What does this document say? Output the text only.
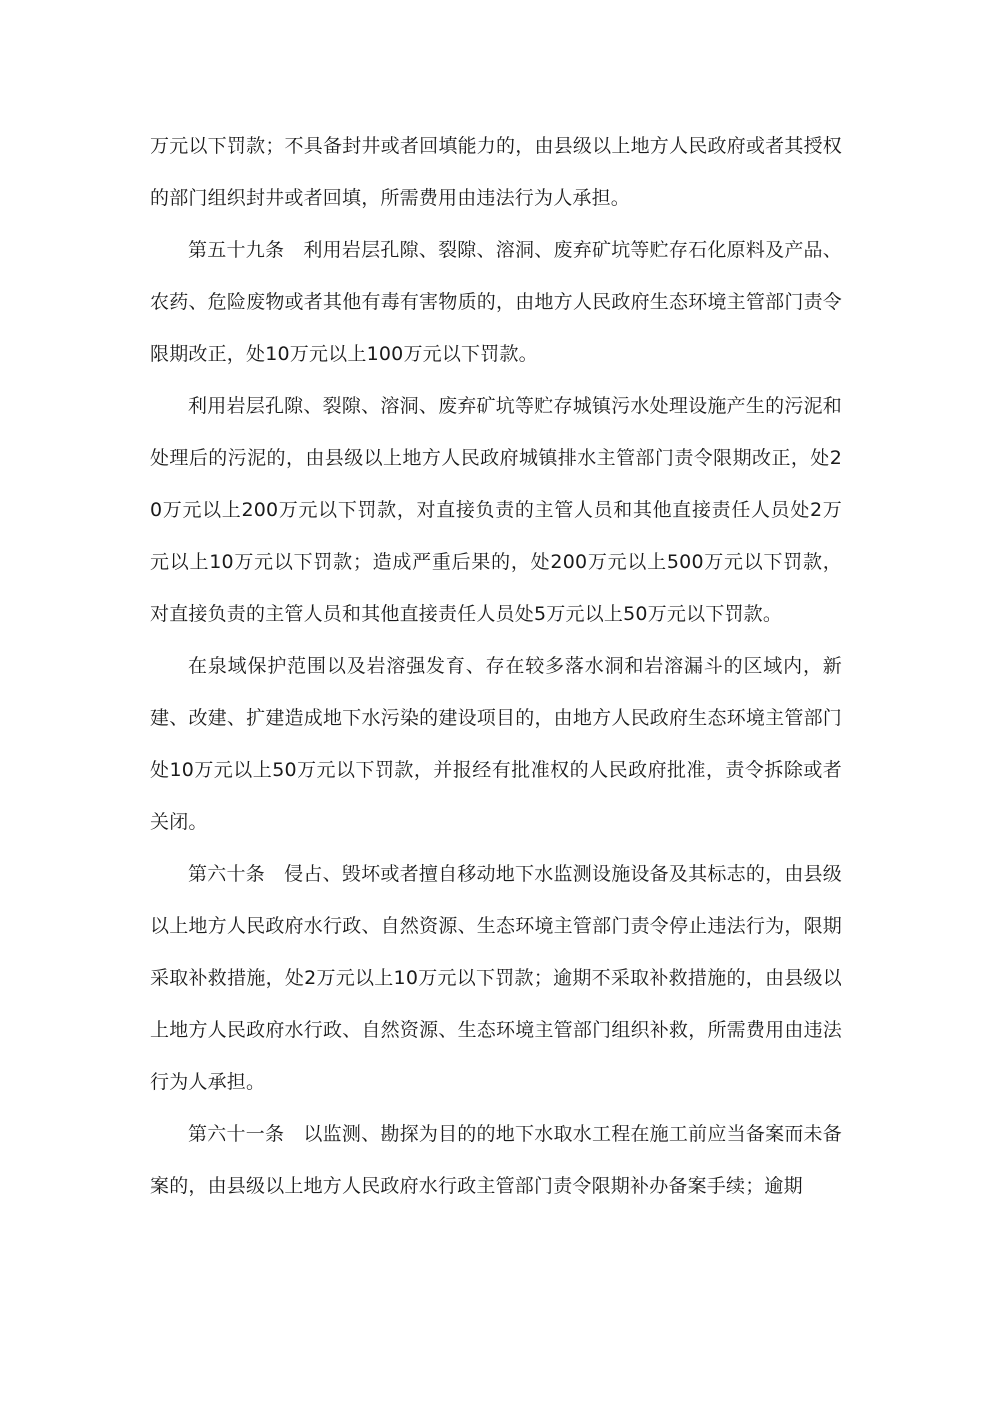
万元以下罚款；不具备封井或者回填能力的，由县级以上地方人民政府或者其授权的部门组织封井或者回填，所需费用由违法行为人承担。

第五十九条　利用岩层孔隙、裂隙、溶洞、废弃矿坑等贮存石化原料及产品、农药、危险废物或者其他有毒有害物质的，由地方人民政府生态环境主管部门责令限期改正，处10万元以上100万元以下罚款。

利用岩层孔隙、裂隙、溶洞、废弃矿坑等贮存城镇污水处理设施产生的污泥和处理后的污泥的，由县级以上地方人民政府城镇排水主管部门责令限期改正，处20万元以上200万元以下罚款，对直接负责的主管人员和其他直接责任人员处2万元以上10万元以下罚款；造成严重后果的，处200万元以上500万元以下罚款，对直接负责的主管人员和其他直接责任人员处5万元以上50万元以下罚款。

在泉域保护范围以及岩溶强发育、存在较多落水洞和岩溶漏斗的区域内，新建、改建、扩建造成地下水污染的建设项目的，由地方人民政府生态环境主管部门处10万元以上50万元以下罚款，并报经有批准权的人民政府批准，责令拆除或者关闭。

第六十条　侵占、毁坏或者擅自移动地下水监测设施设备及其标志的，由县级以上地方人民政府水行政、自然资源、生态环境主管部门责令停止违法行为，限期采取补救措施，处2万元以上10万元以下罚款；逾期不采取补救措施的，由县级以上地方人民政府水行政、自然资源、生态环境主管部门组织补救，所需费用由违法行为人承担。

第六十一条　以监测、勘探为目的的地下水取水工程在施工前应当备案而未备案的，由县级以上地方人民政府水行政主管部门责令限期补办备案手续；逾期
